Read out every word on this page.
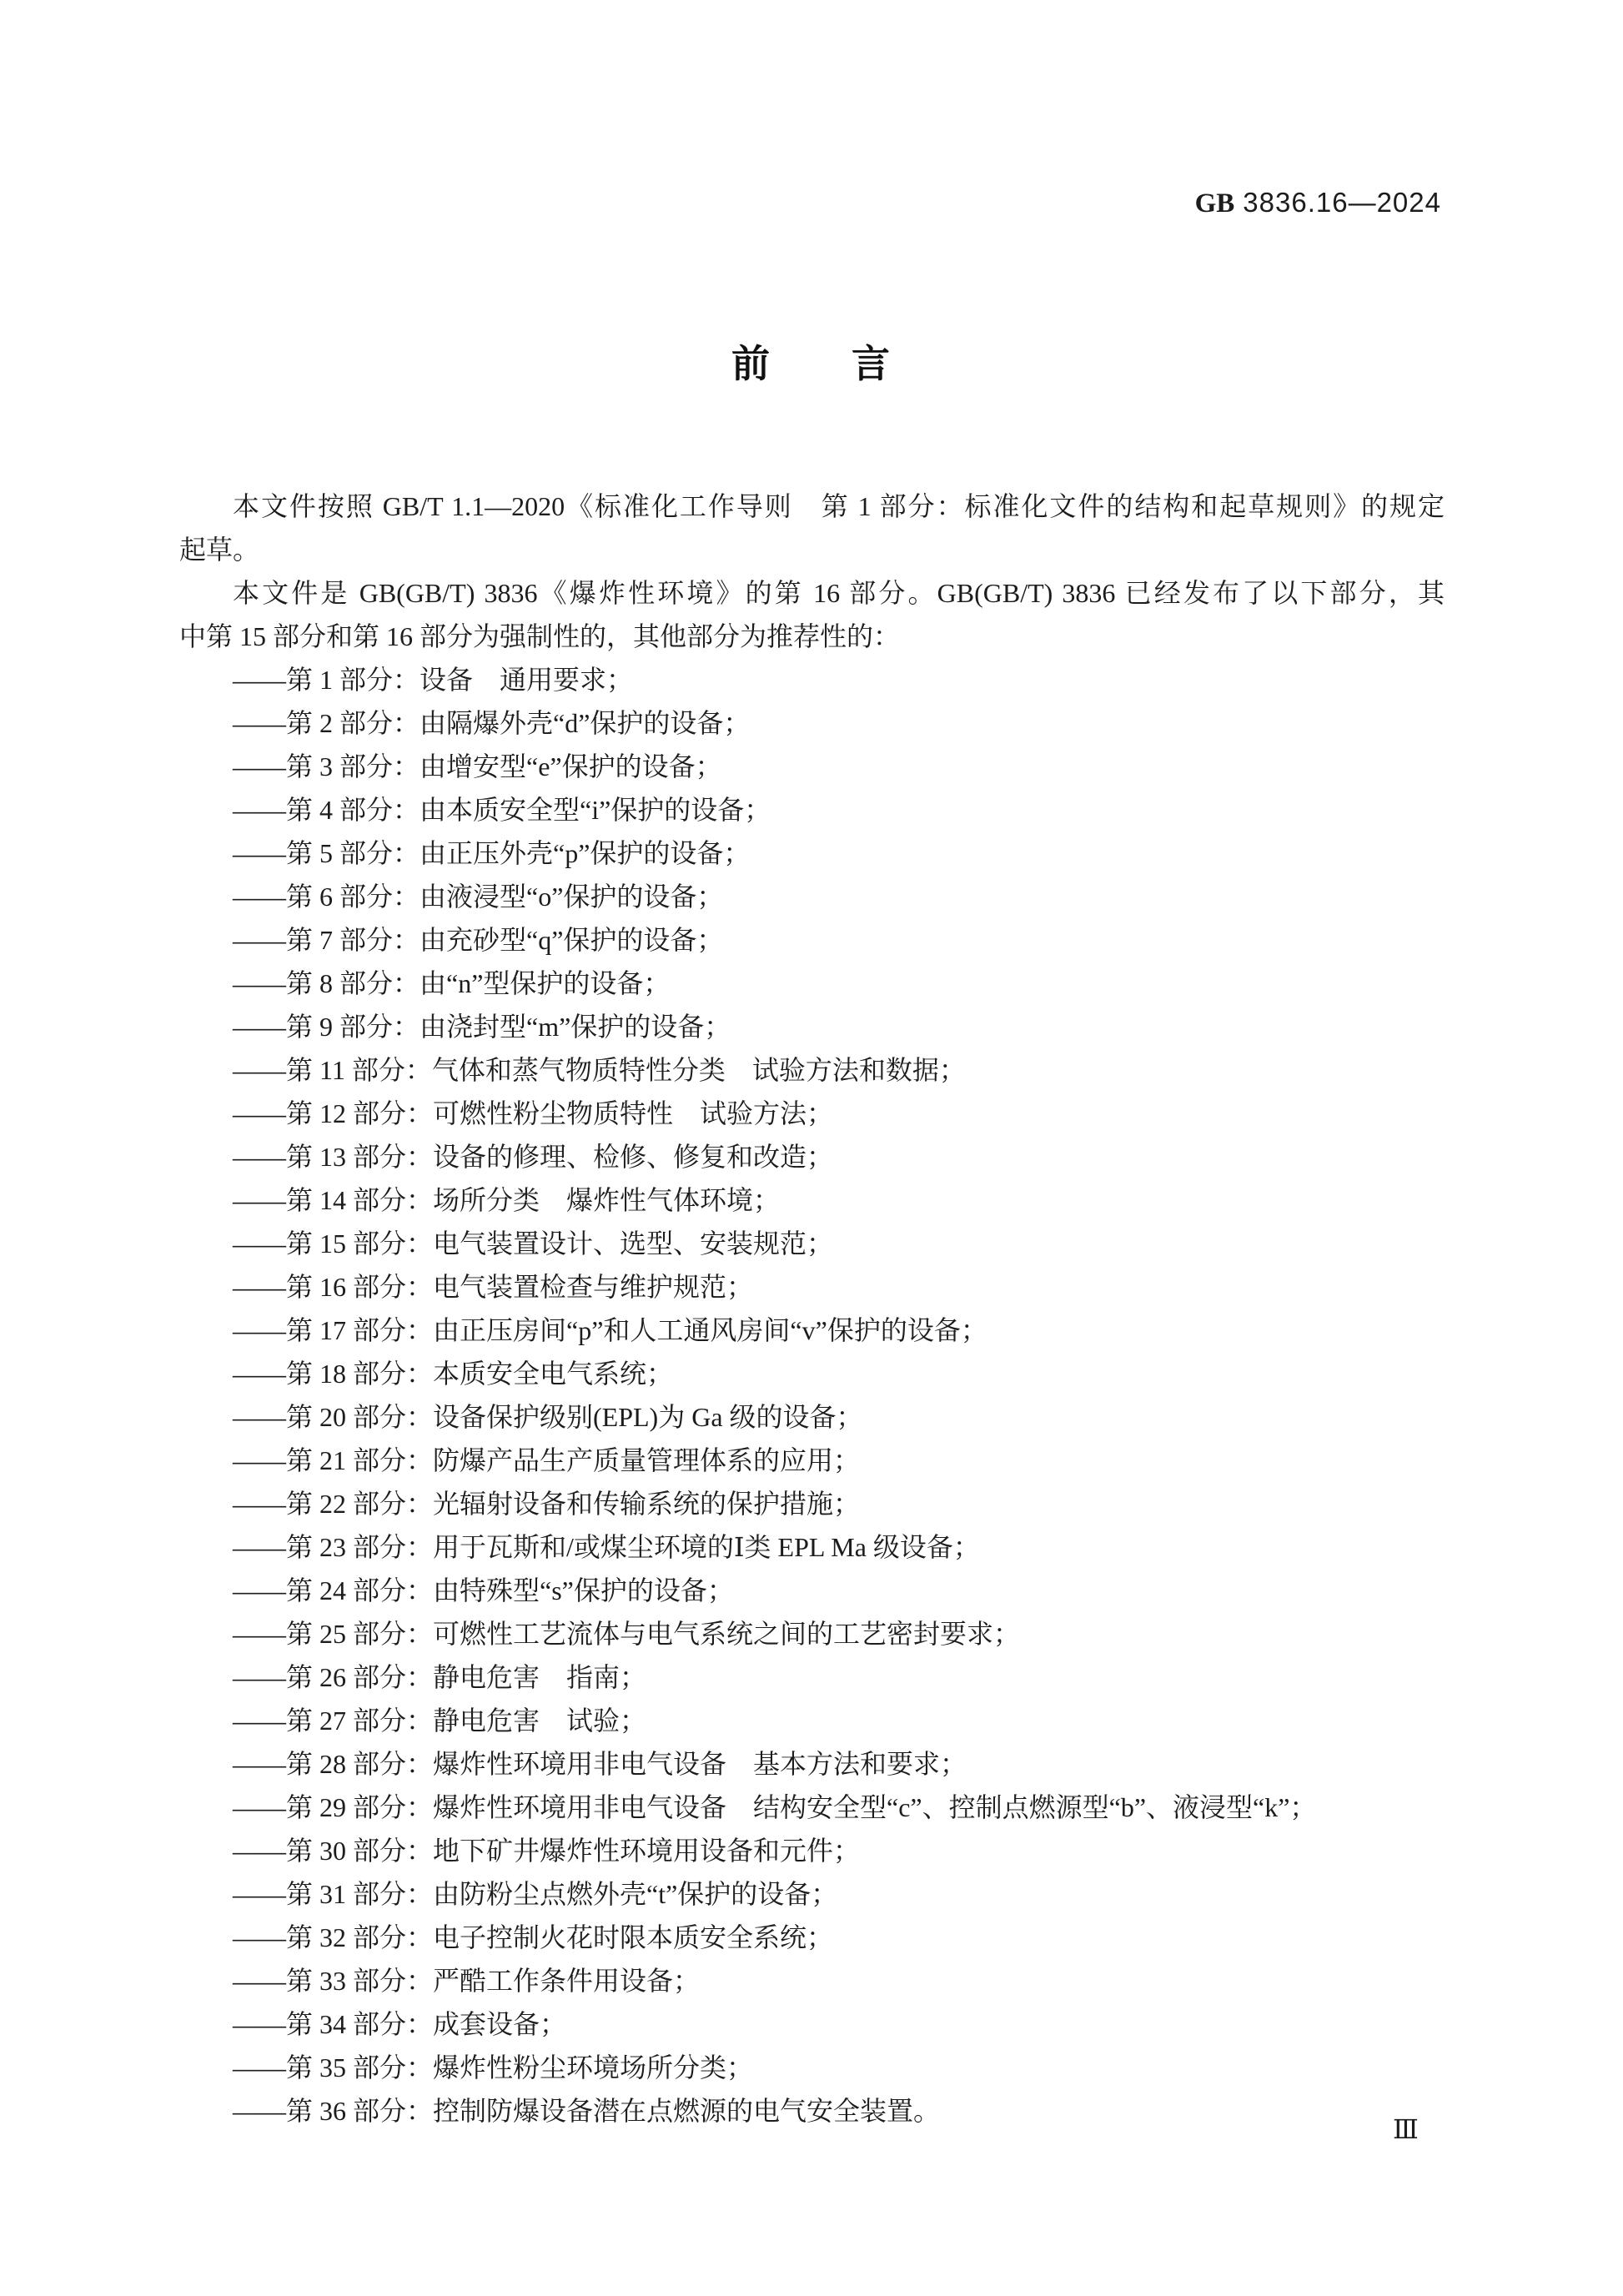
GB 3836.16—2024
前　　言
本文件按照 GB/T 1.1—2020《标准化工作导则　第 1 部分：标准化文件的结构和起草规则》的规定
起草。
本文件是 GB(GB/T) 3836《爆炸性环境》的第 16 部分。GB(GB/T) 3836 已经发布了以下部分，其
中第 15 部分和第 16 部分为强制性的，其他部分为推荐性的：
——第 1 部分：设备　通用要求；
——第 2 部分：由隔爆外壳“d”保护的设备；
——第 3 部分：由增安型“e”保护的设备；
——第 4 部分：由本质安全型“i”保护的设备；
——第 5 部分：由正压外壳“p”保护的设备；
——第 6 部分：由液浸型“o”保护的设备；
——第 7 部分：由充砂型“q”保护的设备；
——第 8 部分：由“n”型保护的设备；
——第 9 部分：由浇封型“m”保护的设备；
——第 11 部分：气体和蒸气物质特性分类　试验方法和数据；
——第 12 部分：可燃性粉尘物质特性　试验方法；
——第 13 部分：设备的修理、检修、修复和改造；
——第 14 部分：场所分类　爆炸性气体环境；
——第 15 部分：电气装置设计、选型、安装规范；
——第 16 部分：电气装置检查与维护规范；
——第 17 部分：由正压房间“p”和人工通风房间“v”保护的设备；
——第 18 部分：本质安全电气系统；
——第 20 部分：设备保护级别(EPL)为 Ga 级的设备；
——第 21 部分：防爆产品生产质量管理体系的应用；
——第 22 部分：光辐射设备和传输系统的保护措施；
——第 23 部分：用于瓦斯和/或煤尘环境的Ⅰ类 EPL Ma 级设备；
——第 24 部分：由特殊型“s”保护的设备；
——第 25 部分：可燃性工艺流体与电气系统之间的工艺密封要求；
——第 26 部分：静电危害　指南；
——第 27 部分：静电危害　试验；
——第 28 部分：爆炸性环境用非电气设备　基本方法和要求；
——第 29 部分：爆炸性环境用非电气设备　结构安全型“c”、控制点燃源型“b”、液浸型“k”；
——第 30 部分：地下矿井爆炸性环境用设备和元件；
——第 31 部分：由防粉尘点燃外壳“t”保护的设备；
——第 32 部分：电子控制火花时限本质安全系统；
——第 33 部分：严酷工作条件用设备；
——第 34 部分：成套设备；
——第 35 部分：爆炸性粉尘环境场所分类；
——第 36 部分：控制防爆设备潜在点燃源的电气安全装置。
Ⅲ
